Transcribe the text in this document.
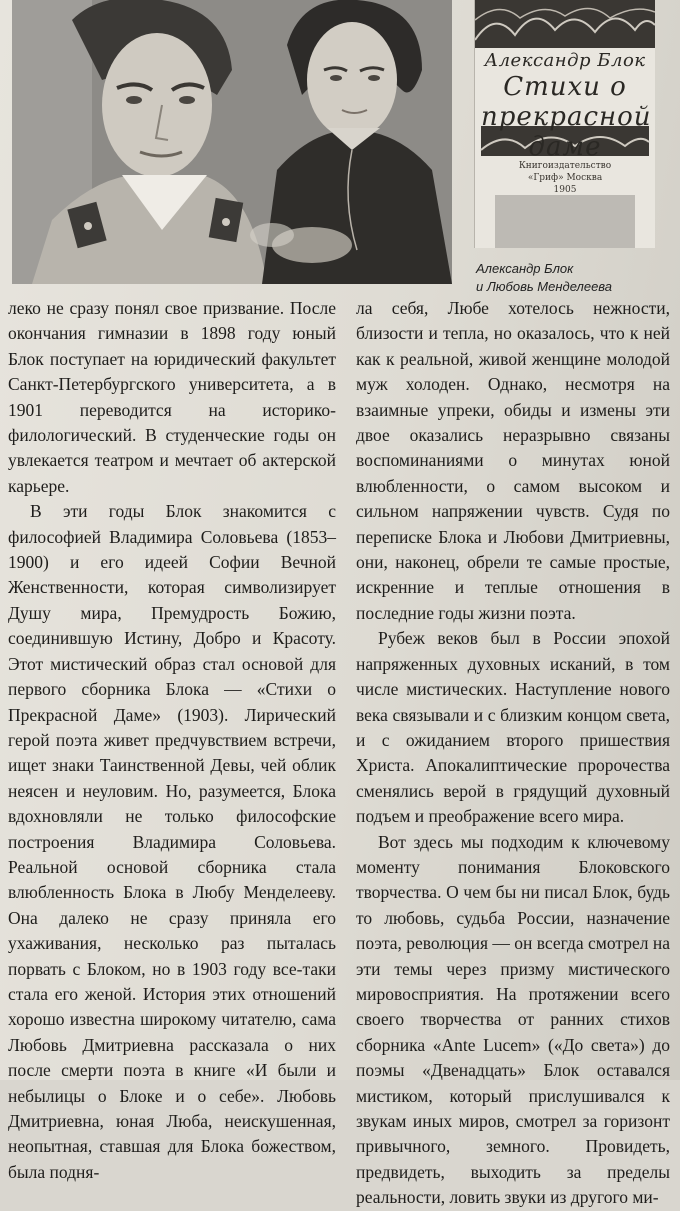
Александр Блок
Стихи о прекрасной даме
Книгоиздательство «Гриф» Москва 1905
Александр Блок
и Любовь Менделеева

леко не сразу понял свое призвание. После окончания гимназии в 1898 году юный Блок поступает на юридический факультет Санкт-Петербургского университета, а в 1901 переводится на историко-филологический. В студенческие годы он увлекается театром и мечтает об актерской карьере.

В эти годы Блок знакомится с философией Владимира Соловьева (1853–1900) и его идеей Софии Вечной Женственности, которая символизирует Душу мира, Премудрость Божию, соединившую Истину, Добро и Красоту. Этот мистический образ стал основой для первого сборника Блока — «Стихи о Прекрасной Даме» (1903). Лирический герой поэта живет предчувствием встречи, ищет знаки Таинственной Девы, чей облик неясен и неуловим. Но, разумеется, Блока вдохновляли не только философские построения Владимира Соловьева. Реальной основой сборника стала влюбленность Блока в Любу Менделееву. Она далеко не сразу приняла его ухаживания, несколько раз пыталась порвать с Блоком, но в 1903 году все-таки стала его женой. История этих отношений хорошо известна широкому читателю, сама Любовь Дмитриевна рассказала о них после смерти поэта в книге «И были и небылицы о Блоке и о себе». Любовь Дмитриевна, юная Люба, неискушенная, неопытная, ставшая для Блока божеством, была подня-

ла себя, Любе хотелось нежности, близости и тепла, но оказалось, что к ней как к реальной, живой женщине молодой муж холоден. Однако, несмотря на взаимные упреки, обиды и измены эти двое оказались неразрывно связаны воспоминаниями о минутах юной влюбленности, о самом высоком и сильном напряжении чувств. Судя по переписке Блока и Любови Дмитриевны, они, наконец, обрели те самые простые, искренние и теплые отношения в последние годы жизни поэта.

Рубеж веков был в России эпохой напряженных духовных исканий, в том числе мистических. Наступление нового века связывали и с близким концом света, и с ожиданием второго пришествия Христа. Апокалиптические пророчества сменялись верой в грядущий духовный подъем и преображение всего мира.

Вот здесь мы подходим к ключевому моменту понимания Блоковского творчества. О чем бы ни писал Блок, будь то любовь, судьба России, назначение поэта, революция — он всегда смотрел на эти темы через призму мистического мировосприятия. На протяжении всего своего творчества от ранних стихов сборника «Ante Lucem» («До света») до поэмы «Двенадцать» Блок оставался мистиком, который прислушивался к звукам иных миров, смотрел за горизонт привычного, земного. Провидеть, предвидеть, выходить за пределы реальности, ловить звуки из другого ми-
